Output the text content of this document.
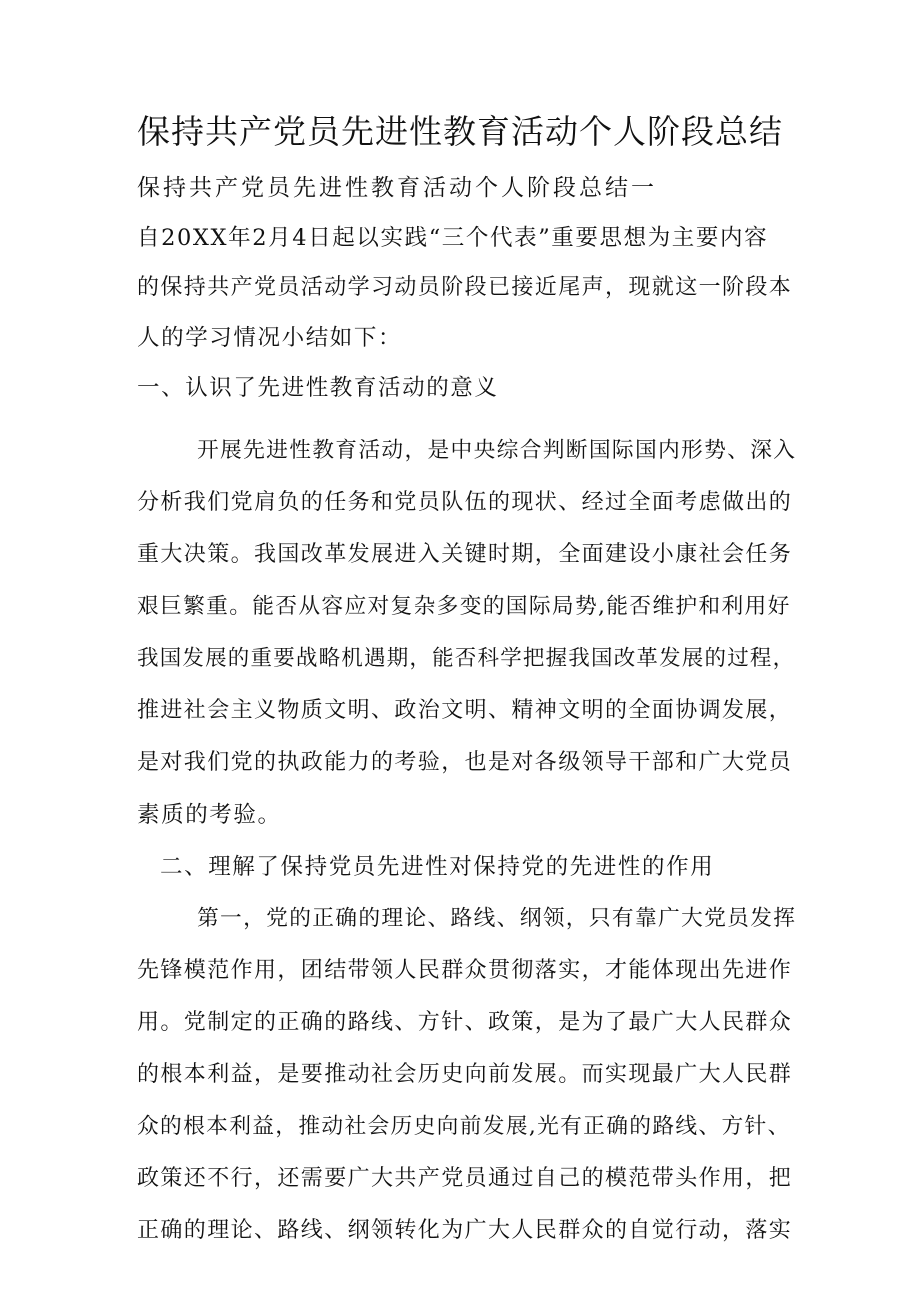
保持共产党员先进性教育活动个人阶段总结
保持共产党员先进性教育活动个人阶段总结一
自20XX年2月4日起以实践“三个代表”重要思想为主要内容
的保持共产党员活动学习动员阶段已接近尾声，现就这一阶段本
人的学习情况小结如下：
一、认识了先进性教育活动的意义
开展先进性教育活动，是中央综合判断国际国内形势、深入
分析我们党肩负的任务和党员队伍的现状、经过全面考虑做出的
重大决策。我国改革发展进入关键时期，全面建设小康社会任务
艰巨繁重。能否从容应对复杂多变的国际局势,能否维护和利用好
我国发展的重要战略机遇期，能否科学把握我国改革发展的过程，
推进社会主义物质文明、政治文明、精神文明的全面协调发展，
是对我们党的执政能力的考验，也是对各级领导干部和广大党员
素质的考验。
二、理解了保持党员先进性对保持党的先进性的作用
第一，党的正确的理论、路线、纲领，只有靠广大党员发挥
先锋模范作用，团结带领人民群众贯彻落实，才能体现出先进作
用。党制定的正确的路线、方针、政策，是为了最广大人民群众
的根本利益，是要推动社会历史向前发展。而实现最广大人民群
众的根本利益，推动社会历史向前发展,光有正确的路线、方针、
政策还不行，还需要广大共产党员通过自己的模范带头作用，把
正确的理论、路线、纲领转化为广大人民群众的自觉行动，落实
